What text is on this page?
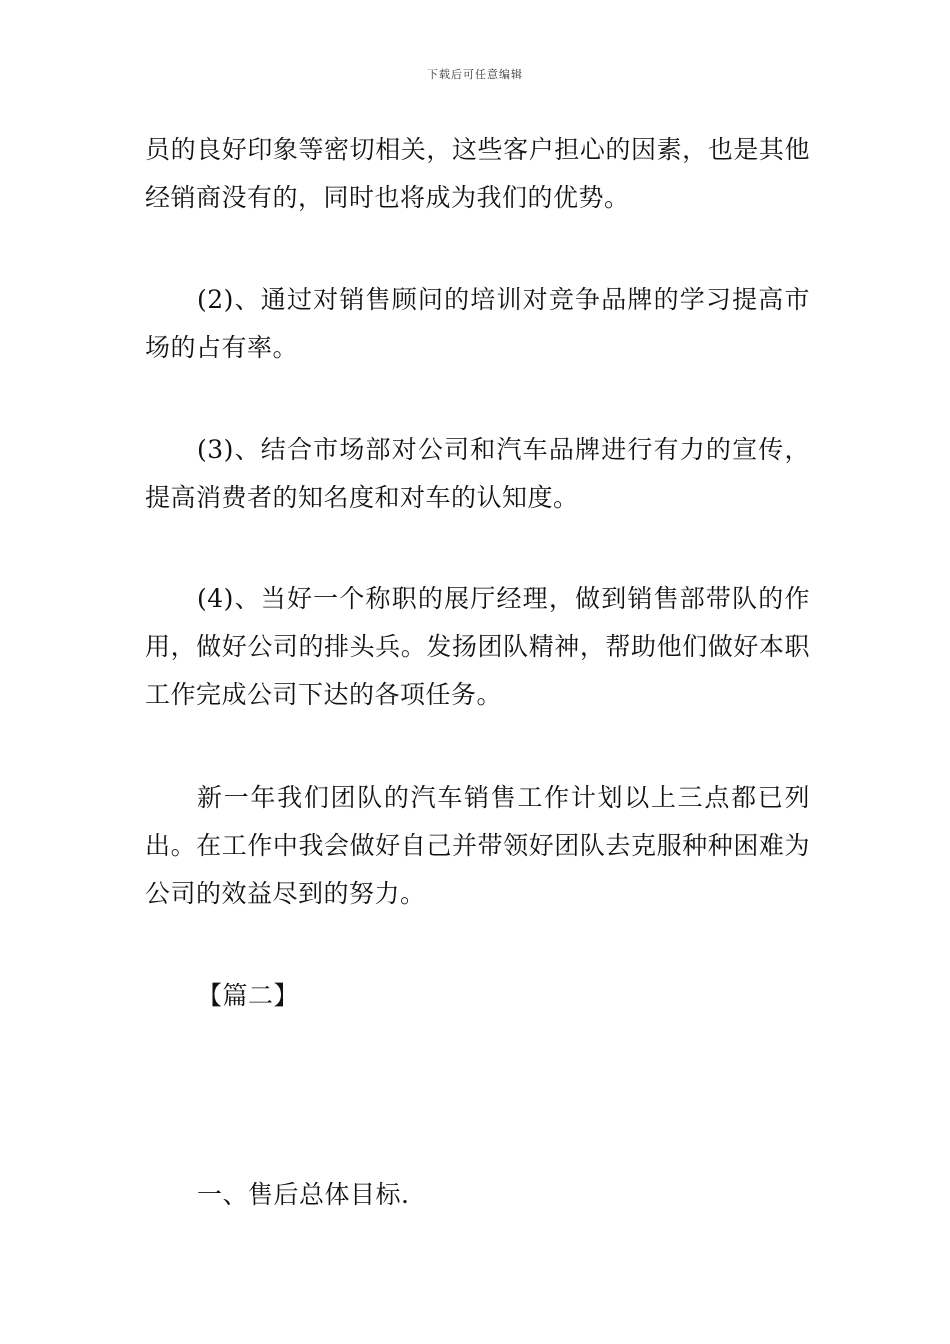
下载后可任意编辑

员的良好印象等密切相关，这些客户担心的因素，也是其他经销商没有的，同时也将成为我们的优势。

(2)、通过对销售顾问的培训对竞争品牌的学习提高市场的占有率。

(3)、结合市场部对公司和汽车品牌进行有力的宣传，提高消费者的知名度和对车的认知度。

(4)、当好一个称职的展厅经理，做到销售部带队的作用，做好公司的排头兵。发扬团队精神，帮助他们做好本职工作完成公司下达的各项任务。

新一年我们团队的汽车销售工作计划以上三点都已列出。在工作中我会做好自己并带领好团队去克服种种困难为公司的效益尽到的努力。

【篇二】

一、售后总体目标.
